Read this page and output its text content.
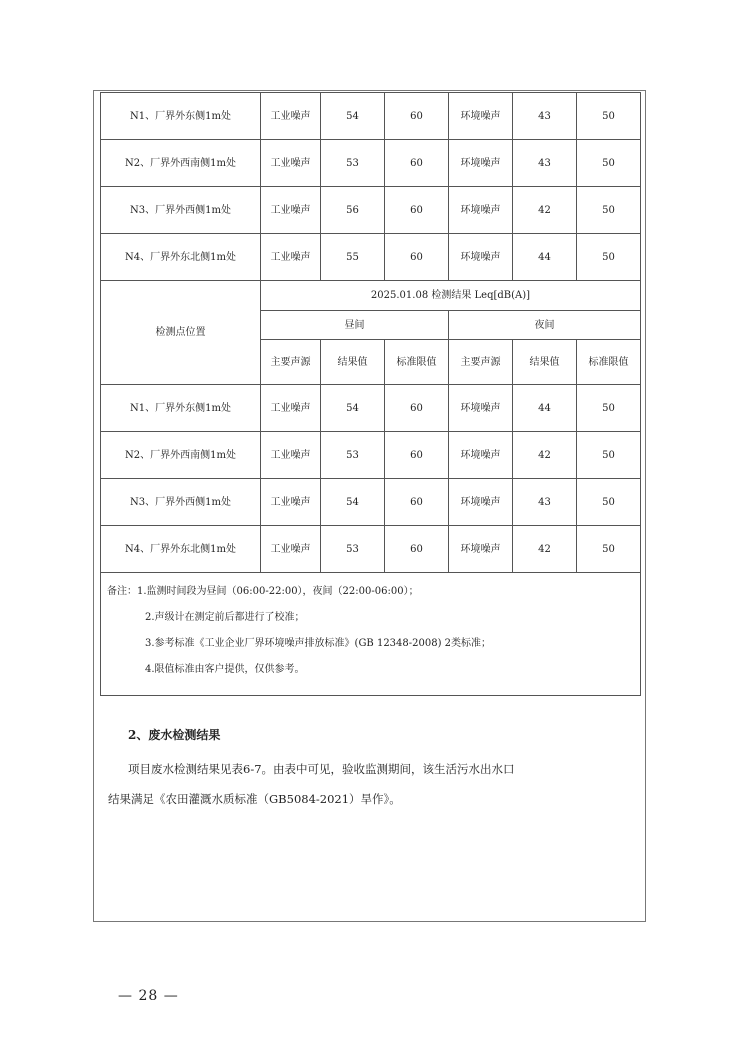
N1、厂界外东侧1m处	工业噪声	54	60	环境噪声	43	50
N2、厂界外西南侧1m处	工业噪声	53	60	环境噪声	43	50
N3、厂界外西侧1m处	工业噪声	56	60	环境噪声	42	50
N4、厂界外东北侧1m处	工业噪声	55	60	环境噪声	44	50
检测点位置	2025.01.08 检测结果 Leq[dB(A)]					
	昼间			夜间		
	主要声源	结果值	标准限值	主要声源	结果值	标准限值
N1、厂界外东侧1m处	工业噪声	54	60	环境噪声	44	50
N2、厂界外西南侧1m处	工业噪声	53	60	环境噪声	42	50
N3、厂界外西侧1m处	工业噪声	54	60	环境噪声	43	50
N4、厂界外东北侧1m处	工业噪声	53	60	环境噪声	42	50

备注：1.监测时间段为昼间（06:00-22:00），夜间（22:00-06:00）；
2.声级计在测定前后都进行了校准；
3.参考标准《工业企业厂界环境噪声排放标准》(GB 12348-2008) 2类标准；
4.限值标准由客户提供，仅供参考。						
2、废水检测结果
项目废水检测结果见表6-7。由表中可见，验收监测期间，该生活污水出水口
结果满足《农田灌溉水质标准（GB5084-2021）旱作》。
— 28 —
